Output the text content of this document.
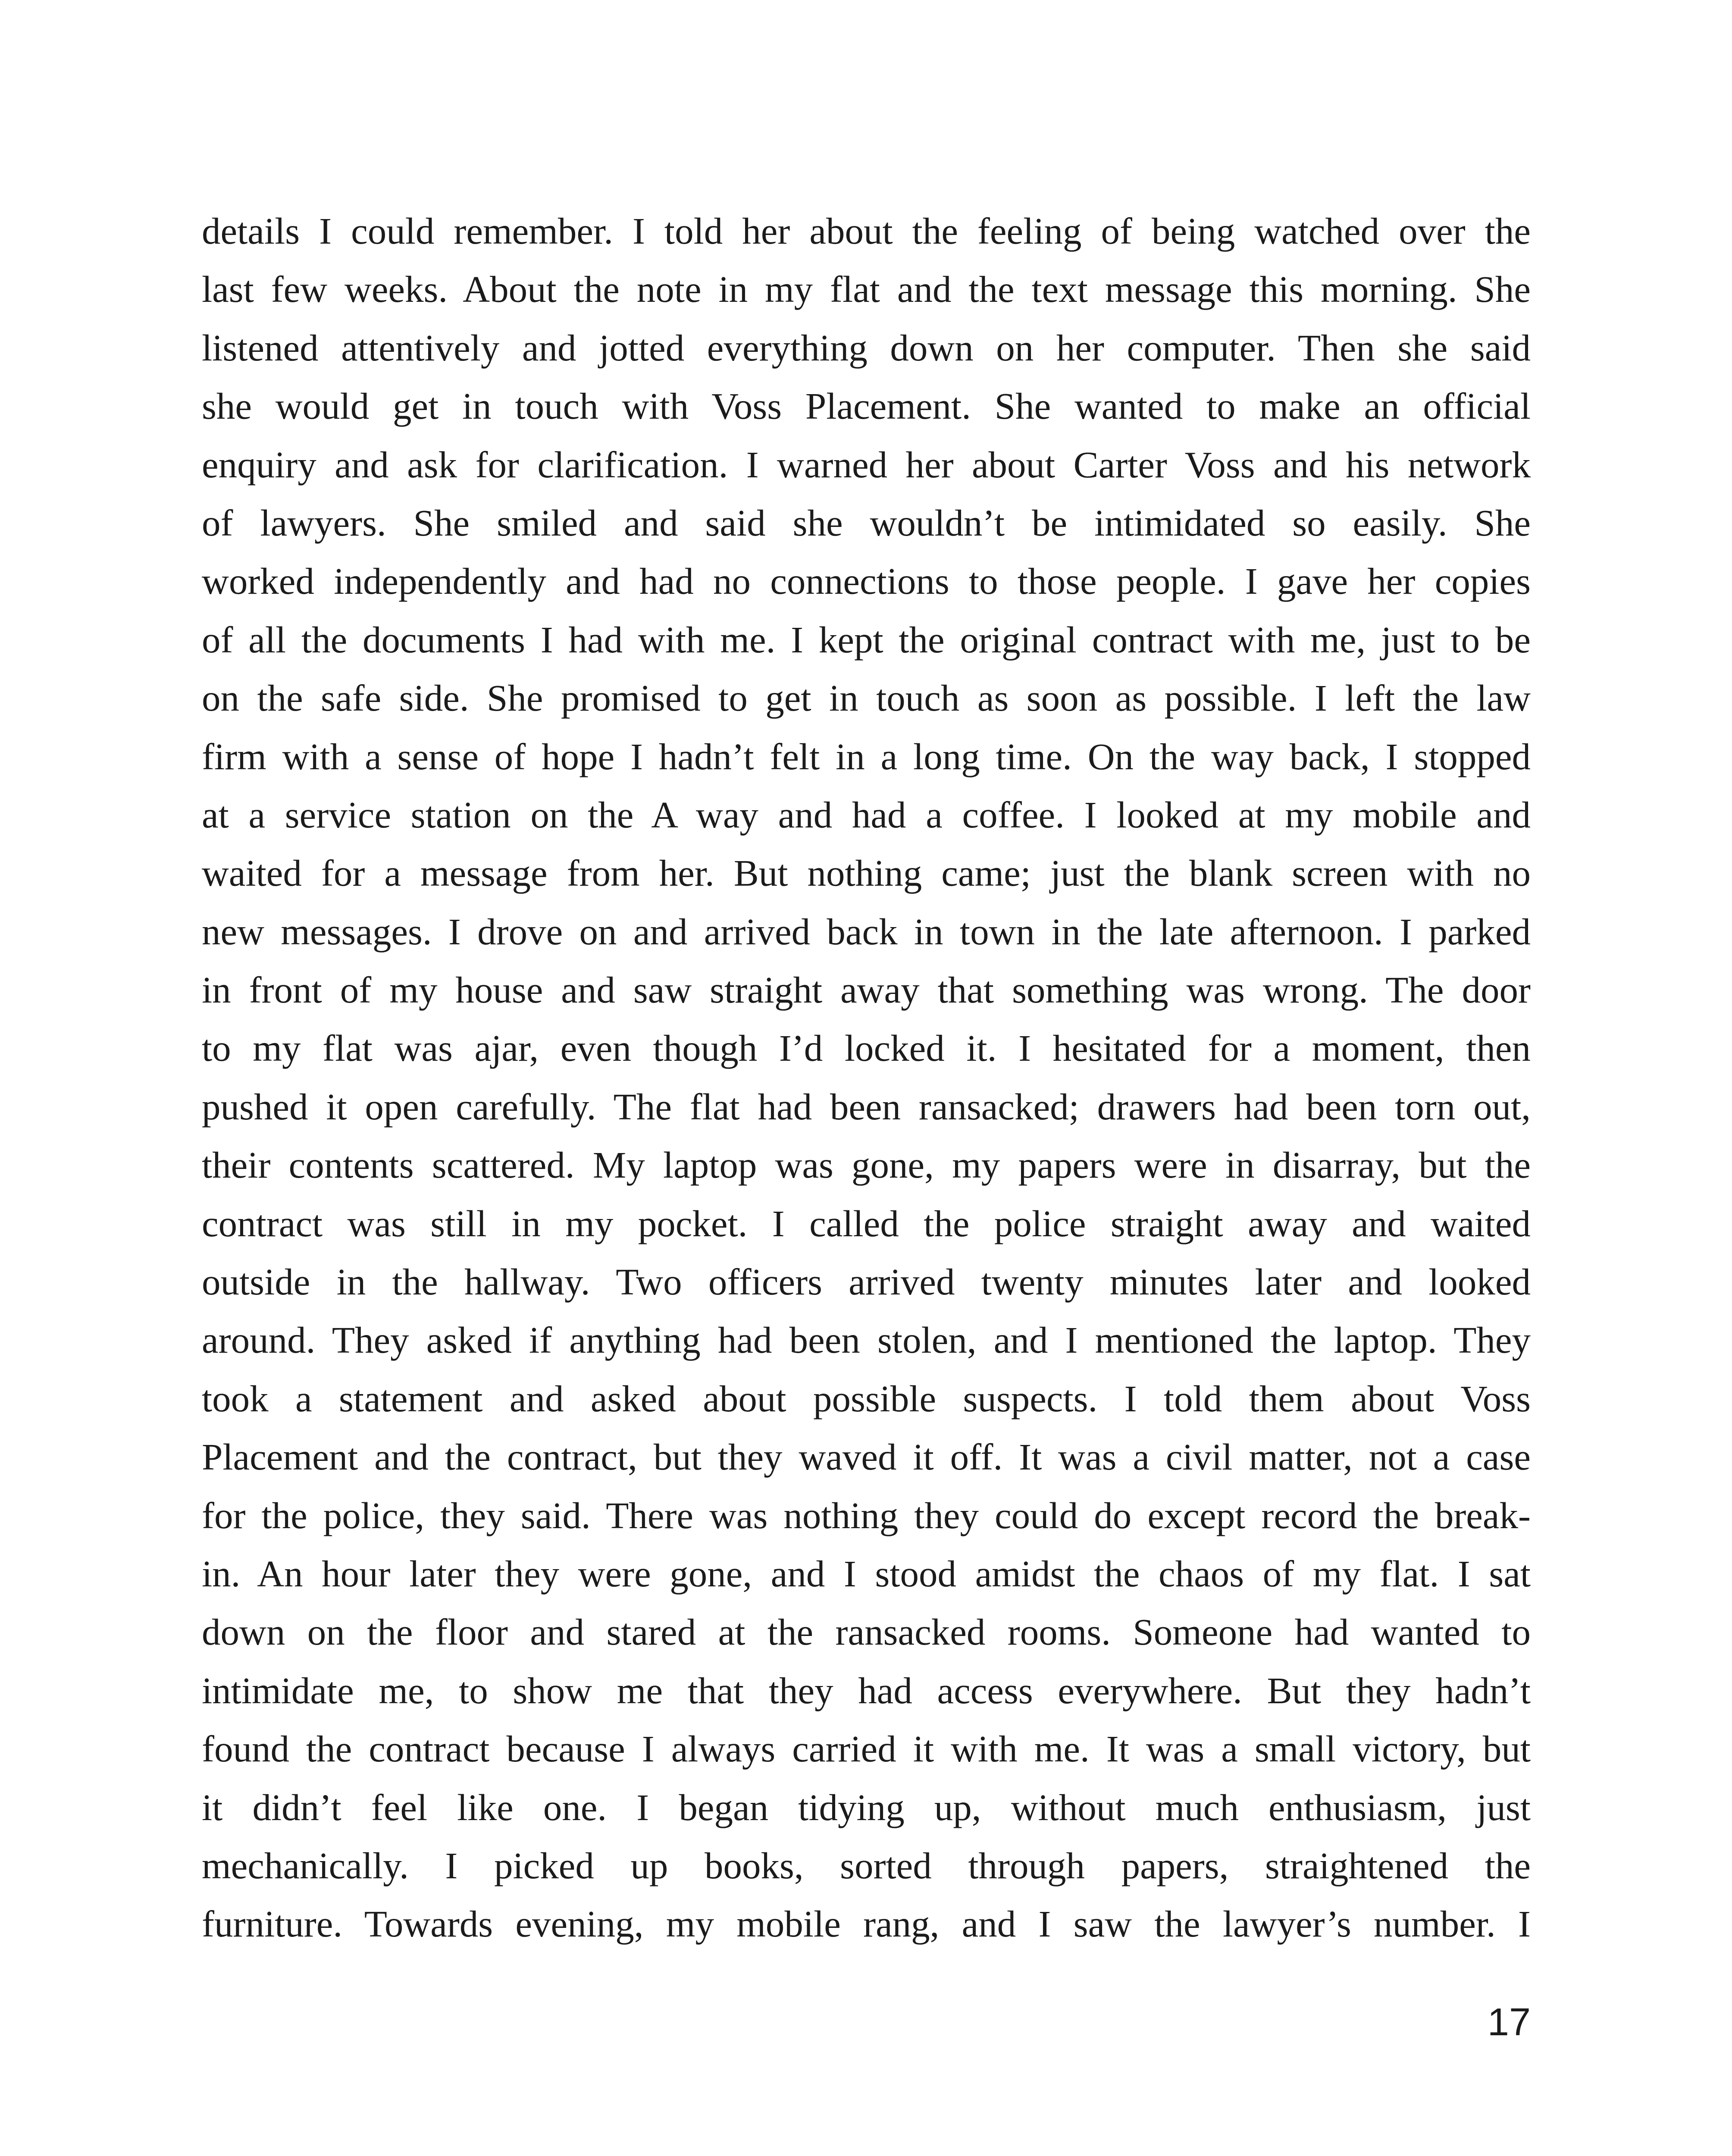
details I could remember. I told her about the feeling of being watched over the
last few weeks. About the note in my flat and the text message this morning. She
listened attentively and jotted everything down on her computer. Then she said
she would get in touch with Voss Placement. She wanted to make an official
enquiry and ask for clarification. I warned her about Carter Voss and his network
of lawyers. She smiled and said she wouldn’t be intimidated so easily. She
worked independently and had no connections to those people. I gave her copies
of all the documents I had with me. I kept the original contract with me, just to be
on the safe side. She promised to get in touch as soon as possible. I left the law
firm with a sense of hope I hadn’t felt in a long time. On the way back, I stopped
at a service station on the A way and had a coffee. I looked at my mobile and
waited for a message from her. But nothing came; just the blank screen with no
new messages. I drove on and arrived back in town in the late afternoon. I parked
in front of my house and saw straight away that something was wrong. The door
to my flat was ajar, even though I’d locked it. I hesitated for a moment, then
pushed it open carefully. The flat had been ransacked; drawers had been torn out,
their contents scattered. My laptop was gone, my papers were in disarray, but the
contract was still in my pocket. I called the police straight away and waited
outside in the hallway. Two officers arrived twenty minutes later and looked
around. They asked if anything had been stolen, and I mentioned the laptop. They
took a statement and asked about possible suspects. I told them about Voss
Placement and the contract, but they waved it off. It was a civil matter, not a case
for the police, they said. There was nothing they could do except record the break-
in. An hour later they were gone, and I stood amidst the chaos of my flat. I sat
down on the floor and stared at the ransacked rooms. Someone had wanted to
intimidate me, to show me that they had access everywhere. But they hadn’t
found the contract because I always carried it with me. It was a small victory, but
it didn’t feel like one. I began tidying up, without much enthusiasm, just
mechanically. I picked up books, sorted through papers, straightened the
furniture. Towards evening, my mobile rang, and I saw the lawyer’s number. I
17
